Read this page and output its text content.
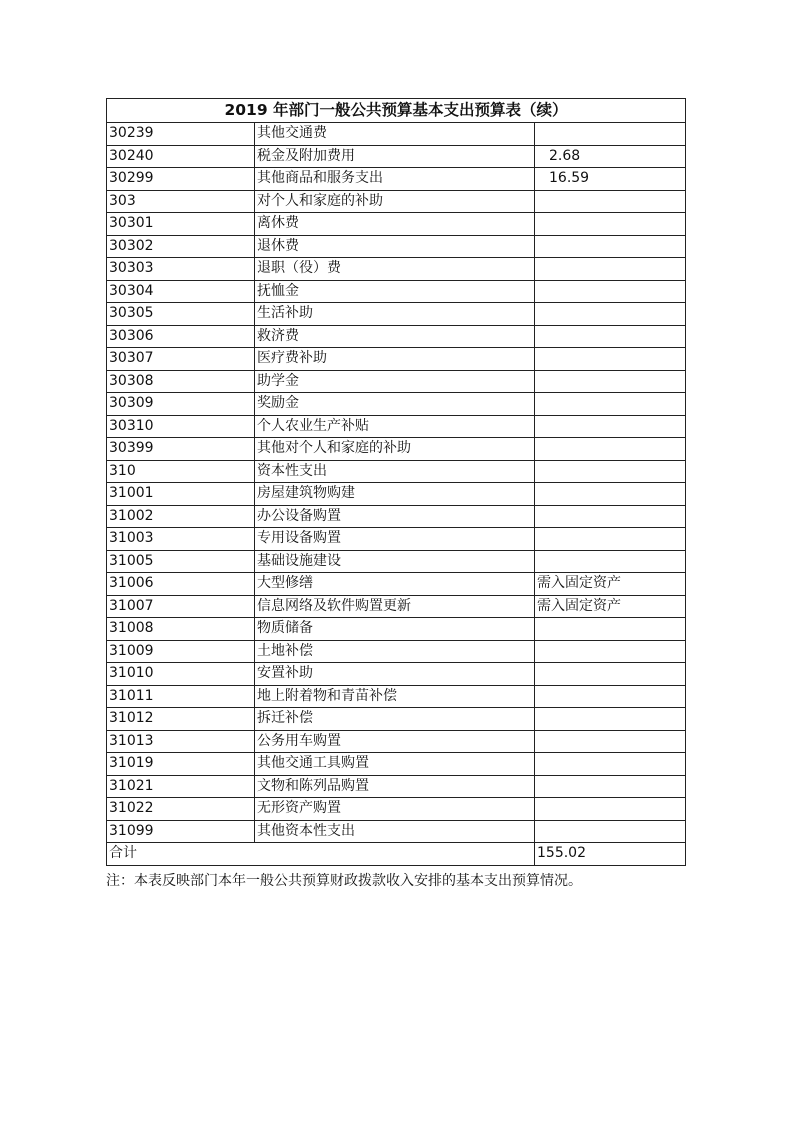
2019 年部门一般公共预算基本支出预算表（续）		
30239	其他交通费	
30240	税金及附加费用	2.68
30299	其他商品和服务支出	16.59
303	对个人和家庭的补助	
30301	离休费	
30302	退休费	
30303	退职（役）费	
30304	抚恤金	
30305	生活补助	
30306	救济费	
30307	医疗费补助	
30308	助学金	
30309	奖励金	
30310	个人农业生产补贴	
30399	其他对个人和家庭的补助	
310	资本性支出	
31001	房屋建筑物购建	
31002	办公设备购置	
31003	专用设备购置	
31005	基础设施建设	
31006	大型修缮	需入固定资产
31007	信息网络及软件购置更新	需入固定资产
31008	物质储备	
31009	土地补偿	
31010	安置补助	
31011	地上附着物和青苗补偿	
31012	拆迁补偿	
31013	公务用车购置	
31019	其他交通工具购置	
31021	文物和陈列品购置	
31022	无形资产购置	
31099	其他资本性支出	
合计		155.02
注：本表反映部门本年一般公共预算财政拨款收入安排的基本支出预算情况。
